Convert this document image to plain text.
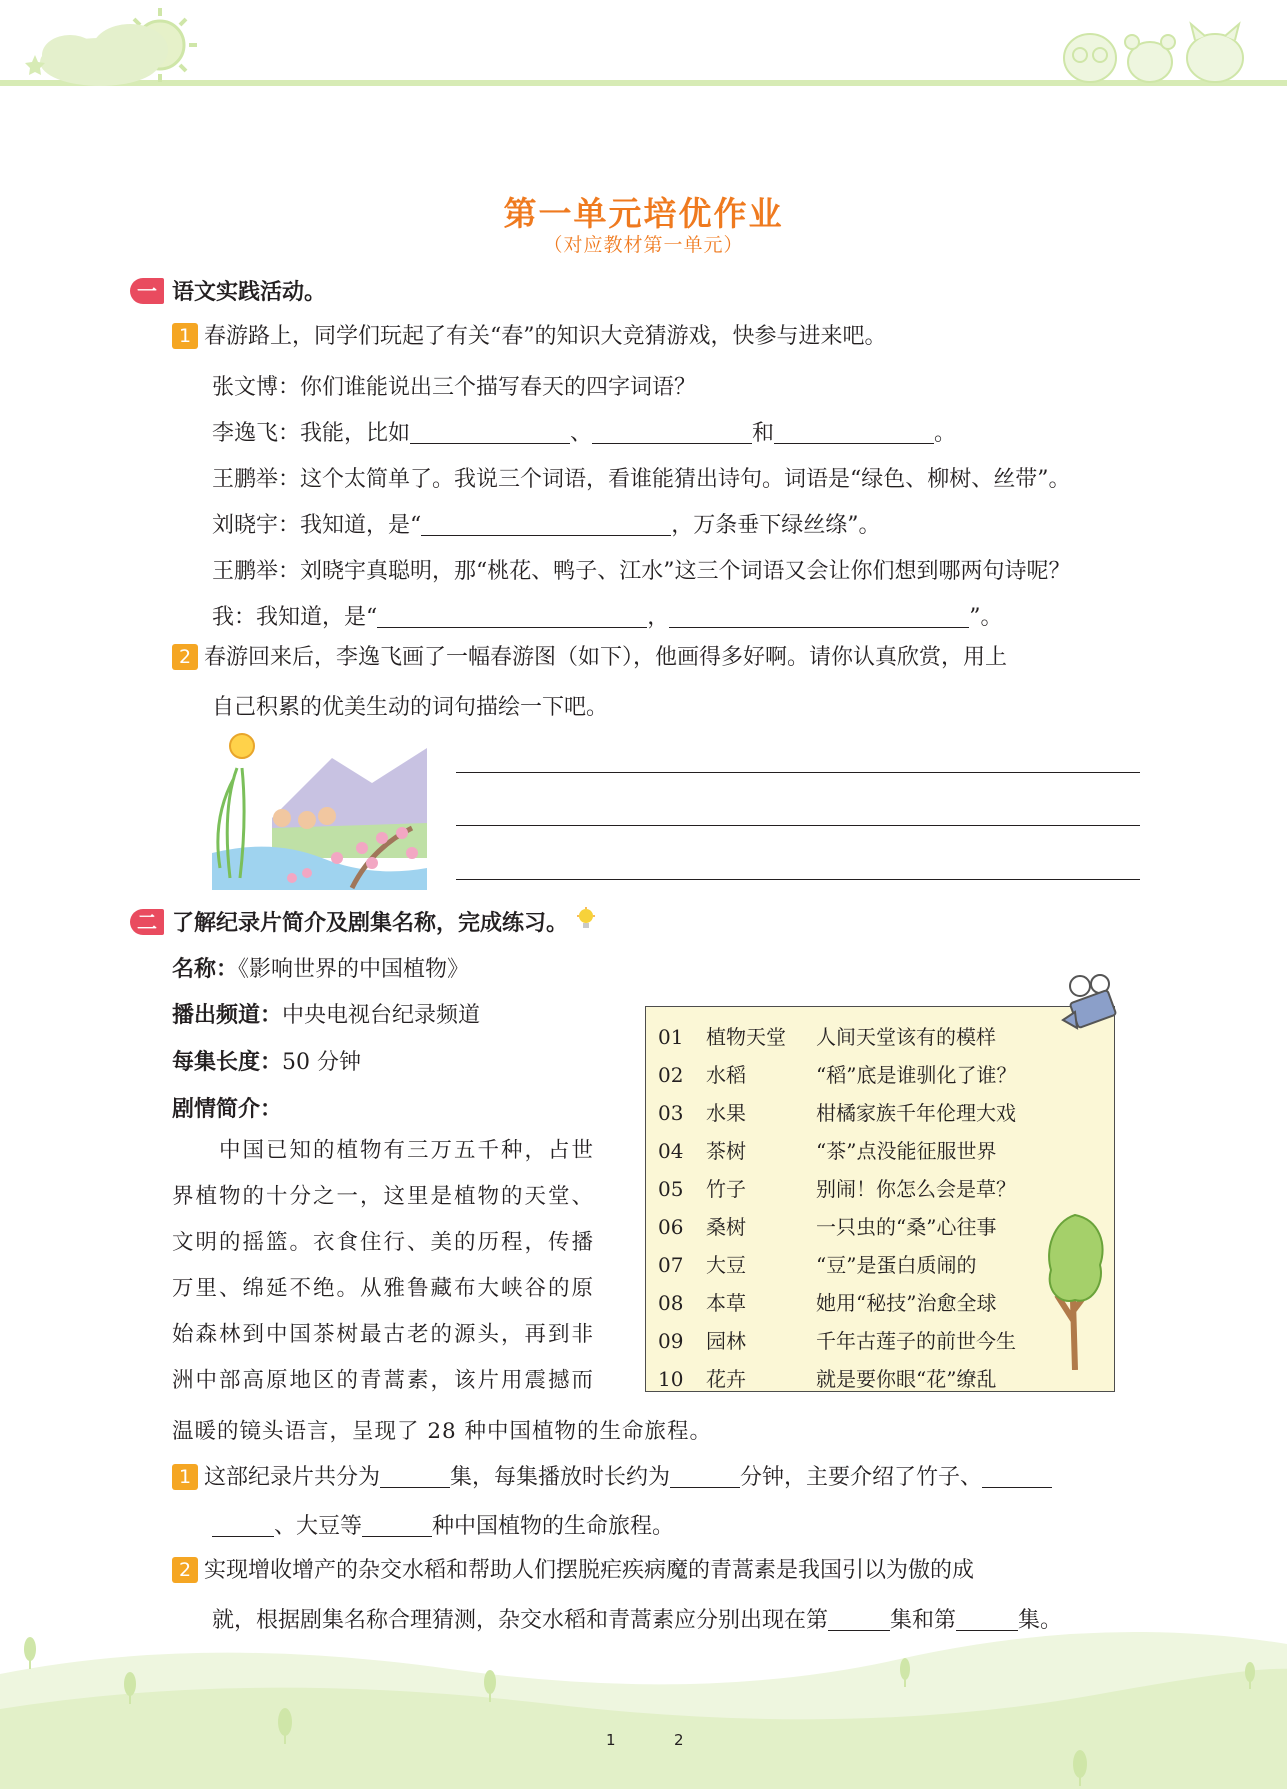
第一单元培优作业
（对应教材第一单元）
一 语文实践活动。
1 春游路上，同学们玩起了有关“春”的知识大竞猜游戏，快参与进来吧。
张文博：你们谁能说出三个描写春天的四字词语？
李逸飞：我能，比如	、	和	。
王鹏举：这个太简单了。我说三个词语，看谁能猜出诗句。词语是“绿色、柳树、丝带”。
刘晓宇：我知道，是“	，万条垂下绿丝绦”。
王鹏举：刘晓宇真聪明，那“桃花、鸭子、江水”这三个词语又会让你们想到哪两句诗呢？
我：我知道，是“	，	”。
2 春游回来后，李逸飞画了一幅春游图（如下），他画得多好啊。请你认真欣赏，用上
自己积累的优美生动的词句描绘一下吧。
二 了解纪录片简介及剧集名称，完成练习。
名称：《影响世界的中国植物》
播出频道：中央电视台纪录频道
每集长度：50 分钟
剧情简介：
　　中国已知的植物有三万五千种，占世
界植物的十分之一，这里是植物的天堂、
文明的摇篮。衣食住行、美的历程，传播
万里、绵延不绝。从雅鲁藏布大峡谷的原
始森林到中国茶树最古老的源头，再到非
洲中部高原地区的青蒿素，该片用震撼而
温暖的镜头语言，呈现了 28 种中国植物的生命旅程。
01 植物天堂 人间天堂该有的模样
02 水稻	“稻”底是谁驯化了谁？
03 水果	柑橘家族千年伦理大戏
04 茶树	“茶”点没能征服世界
05 竹子	别闹！你怎么会是草？
06 桑树	一只虫的“桑”心往事
07 大豆	“豆”是蛋白质闹的
08 本草	她用“秘技”治愈全球
09 园林	千年古莲子的前世今生
10 花卉	就是要你眼“花”缭乱
1 这部纪录片共分为	集，每集播放时长约为	分钟，主要介绍了竹子、
、大豆等	种中国植物的生命旅程。
2 实现增收增产的杂交水稻和帮助人们摆脱疟疾病魔的青蒿素是我国引以为傲的成
就，根据剧集名称合理猜测，杂交水稻和青蒿素应分别出现在第	集和第	集。
1	2
